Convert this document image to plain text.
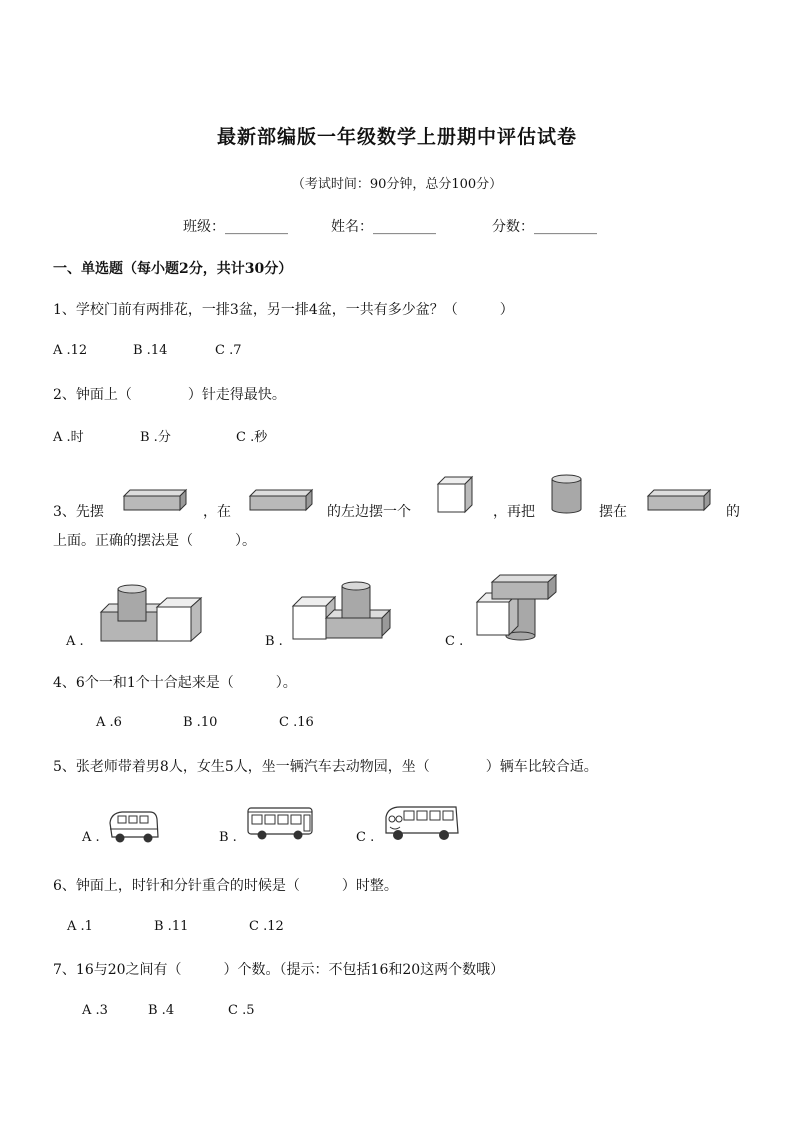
最新部编版一年级数学上册期中评估试卷
（考试时间：90分钟，总分100分）
班级：_________	姓名：_________	分数：_________
一、单选题（每小题2分，共计30分）
1、学校门前有两排花，一排3盆，另一排4盆，一共有多少盆？（　　　）
A .12	B .14	C .7
2、钟面上（　　　　）针走得最快。
A .时	B .分	C .秒
3、先摆	，在	的左边摆一个	，再把	摆在	的
上面。正确的摆法是（　　　）。
A .	B .	C .
4、6个一和1个十合起来是（　　　）。
A .6	B .10	C .16
5、张老师带着男8人，女生5人，坐一辆汽车去动物园，坐（　　　　）辆车比较合适。
A .	B .	C .
6、钟面上，时针和分针重合的时候是（　　　）时整。
A .1	B .11	C .12
7、16与20之间有（　　　）个数。（提示：不包括16和20这两个数哦）
A .3	B .4	C .5
